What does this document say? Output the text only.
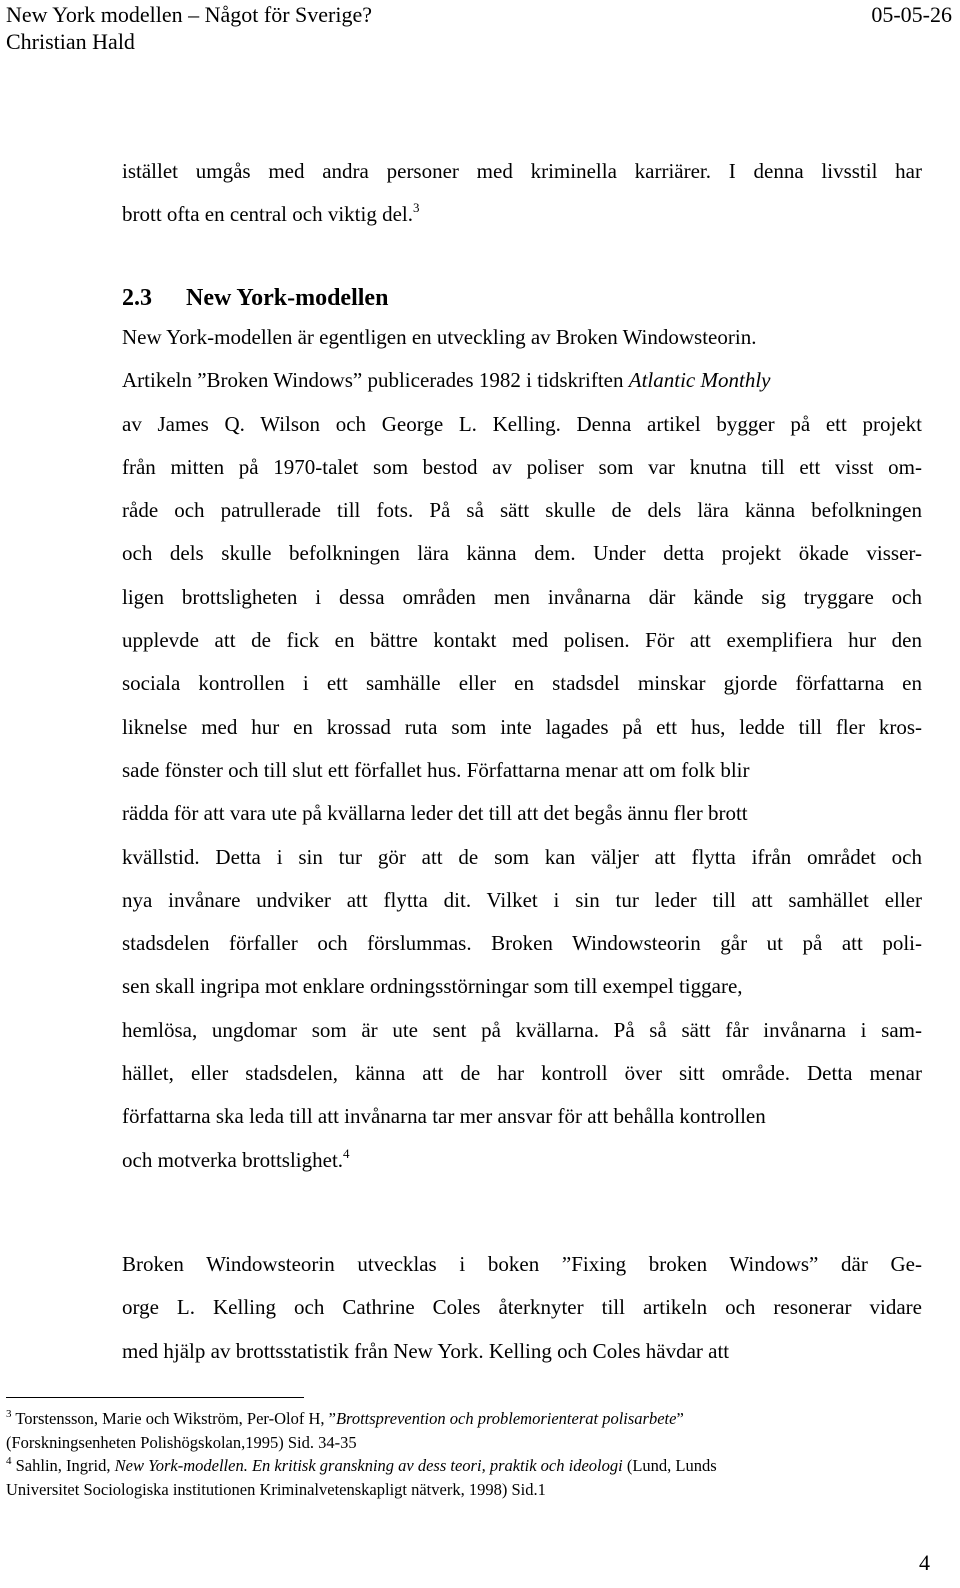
New York modellen – Något för Sverige?	05-05-26
Christian Hald
istället umgås med andra personer med kriminella karriärer. I denna livsstil har
brott ofta en central och viktig del.$^3$
2.3 New York-modellen
New York-modellen är egentligen en utveckling av Broken Windowsteorin.
Artikeln ”Broken Windows” publicerades 1982 i tidskriften Atlantic Monthly
av James Q. Wilson och George L. Kelling. Denna artikel bygger på ett projekt
från mitten på 1970-talet som bestod av poliser som var knutna till ett visst om-
råde och patrullerade till fots. På så sätt skulle de dels lära känna befolkningen
och dels skulle befolkningen lära känna dem. Under detta projekt ökade visser-
ligen brottsligheten i dessa områden men invånarna där kände sig tryggare och
upplevde att de fick en bättre kontakt med polisen. För att exemplifiera hur den
sociala kontrollen i ett samhälle eller en stadsdel minskar gjorde författarna en
liknelse med hur en krossad ruta som inte lagades på ett hus, ledde till fler kros-
sade fönster och till slut ett förfallet hus. Författarna menar att om folk blir
rädda för att vara ute på kvällarna leder det till att det begås ännu fler brott
kvällstid. Detta i sin tur gör att de som kan väljer att flytta ifrån området och
nya invånare undviker att flytta dit. Vilket i sin tur leder till att samhället eller
stadsdelen förfaller och förslummas. Broken Windowsteorin går ut på att poli-
sen skall ingripa mot enklare ordningsstörningar som till exempel tiggare,
hemlösa, ungdomar som är ute sent på kvällarna. På så sätt får invånarna i sam-
hället, eller stadsdelen, känna att de har kontroll över sitt område. Detta menar
författarna ska leda till att invånarna tar mer ansvar för att behålla kontrollen
och motverka brottslighet.$^4$
Broken Windowsteorin utvecklas i boken ”Fixing broken Windows” där Ge-
orge L. Kelling och Cathrine Coles återknyter till artikeln och resonerar vidare
med hjälp av brottsstatistik från New York. Kelling och Coles hävdar att

$^3$ Torstensson, Marie och Wikström, Per-Olof H, ”Brottsprevention och problemorienterat polisarbete”
(Forskningsenheten Polishögskolan,1995) Sid. 34-35

$^4$ Sahlin, Ingrid, New York-modellen. En kritisk granskning av dess teori, praktik och ideologi (Lund, Lunds
Universitet Sociologiska institutionen Kriminalvetenskapligt nätverk, 1998) Sid.1

4
